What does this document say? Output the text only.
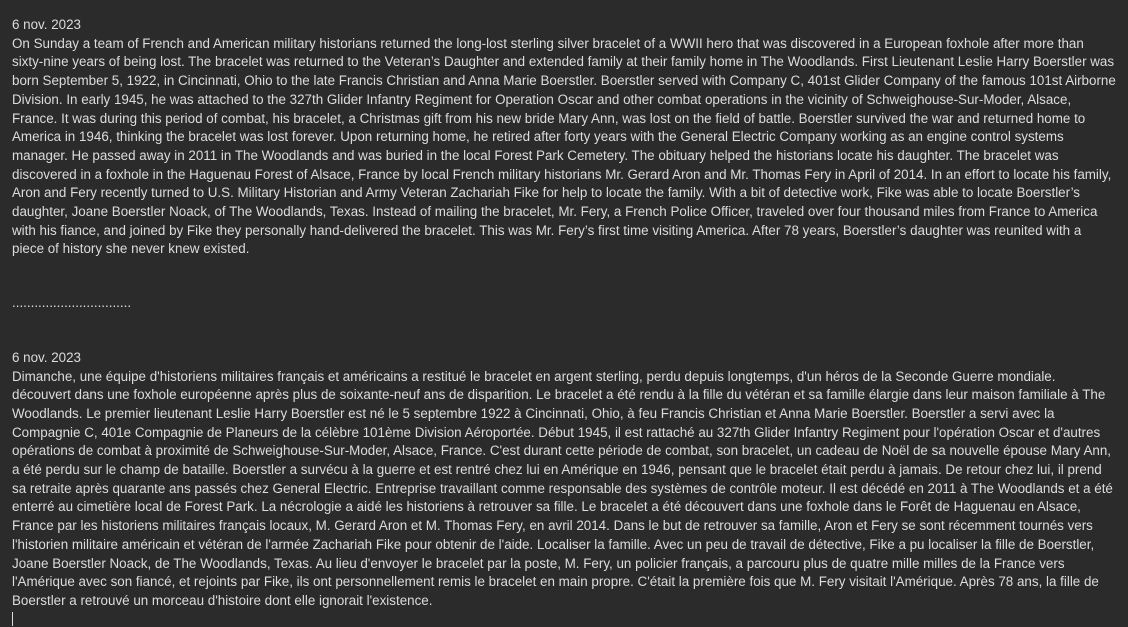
6 nov. 2023
On Sunday a team of French and American military historians returned the long-lost sterling silver bracelet of a WWII hero that was discovered in a European foxhole after more than sixty-nine years of being lost. The bracelet was returned to the Veteran’s Daughter and extended family at their family home in The Woodlands. First Lieutenant Leslie Harry Boerstler was born September 5, 1922, in Cincinnati, Ohio to the late Francis Christian and Anna Marie Boerstler. Boerstler served with Company C, 401st Glider Company of the famous 101st Airborne Division. In early 1945, he was attached to the 327th Glider Infantry Regiment for Operation Oscar and other combat operations in the vicinity of Schweighouse-Sur-Moder, Alsace, France. It was during this period of combat, his bracelet, a Christmas gift from his new bride Mary Ann, was lost on the field of battle. Boerstler survived the war and returned home to America in 1946, thinking the bracelet was lost forever. Upon returning home, he retired after forty years with the General Electric Company working as an engine control systems manager. He passed away in 2011 in The Woodlands and was buried in the local Forest Park Cemetery. The obituary helped the historians locate his daughter. The bracelet was discovered in a foxhole in the Haguenau Forest of Alsace, France by local French military historians Mr. Gerard Aron and Mr. Thomas Fery in April of 2014. In an effort to locate his family, Aron and Fery recently turned to U.S. Military Historian and Army Veteran Zachariah Fike for help to locate the family. With a bit of detective work, Fike was able to locate Boerstler’s daughter, Joane Boerstler Noack, of The Woodlands, Texas. Instead of mailing the bracelet, Mr. Fery, a French Police Officer, traveled over four thousand miles from France to America with his fiance, and joined by Fike they personally hand-delivered the bracelet. This was Mr. Fery’s first time visiting America. After 78 years, Boerstler’s daughter was reunited with a piece of history she never knew existed.
................................
6 nov. 2023
Dimanche, une équipe d'historiens militaires français et américains a restitué le bracelet en argent sterling, perdu depuis longtemps, d'un héros de la Seconde Guerre mondiale. découvert dans une foxhole européenne après plus de soixante-neuf ans de disparition. Le bracelet a été rendu à la fille du vétéran et sa famille élargie dans leur maison familiale à The Woodlands. Le premier lieutenant Leslie Harry Boerstler est né le 5 septembre 1922 à Cincinnati, Ohio, à feu Francis Christian et Anna Marie Boerstler. Boerstler a servi avec la Compagnie C, 401e Compagnie de Planeurs de la célèbre 101ème Division Aéroportée. Début 1945, il est rattaché au 327th Glider Infantry Regiment pour l'opération Oscar et d'autres opérations de combat à proximité de Schweighouse-Sur-Moder, Alsace, France. C'est durant cette période de combat, son bracelet, un cadeau de Noël de sa nouvelle épouse Mary Ann, a été perdu sur le champ de bataille. Boerstler a survécu à la guerre et est rentré chez lui en Amérique en 1946, pensant que le bracelet était perdu à jamais. De retour chez lui, il prend sa retraite après quarante ans passés chez General Electric. Entreprise travaillant comme responsable des systèmes de contrôle moteur. Il est décédé en 2011 à The Woodlands et a été enterré au cimetière local de Forest Park. La nécrologie a aidé les historiens à retrouver sa fille. Le bracelet a été découvert dans une foxhole dans le Forêt de Haguenau en Alsace, France par les historiens militaires français locaux, M. Gerard Aron et M. Thomas Fery, en avril 2014. Dans le but de retrouver sa famille, Aron et Fery se sont récemment tournés vers l'historien militaire américain et vétéran de l'armée Zachariah Fike pour obtenir de l'aide. Localiser la famille. Avec un peu de travail de détective, Fike a pu localiser la fille de Boerstler, Joane Boerstler Noack, de The Woodlands, Texas. Au lieu d'envoyer le bracelet par la poste, M. Fery, un policier français, a parcouru plus de quatre mille milles de la France vers l'Amérique avec son fiancé, et rejoints par Fike, ils ont personnellement remis le bracelet en main propre. C'était la première fois que M. Fery visitait l'Amérique. Après 78 ans, la fille de Boerstler a retrouvé un morceau d'histoire dont elle ignorait l'existence.
